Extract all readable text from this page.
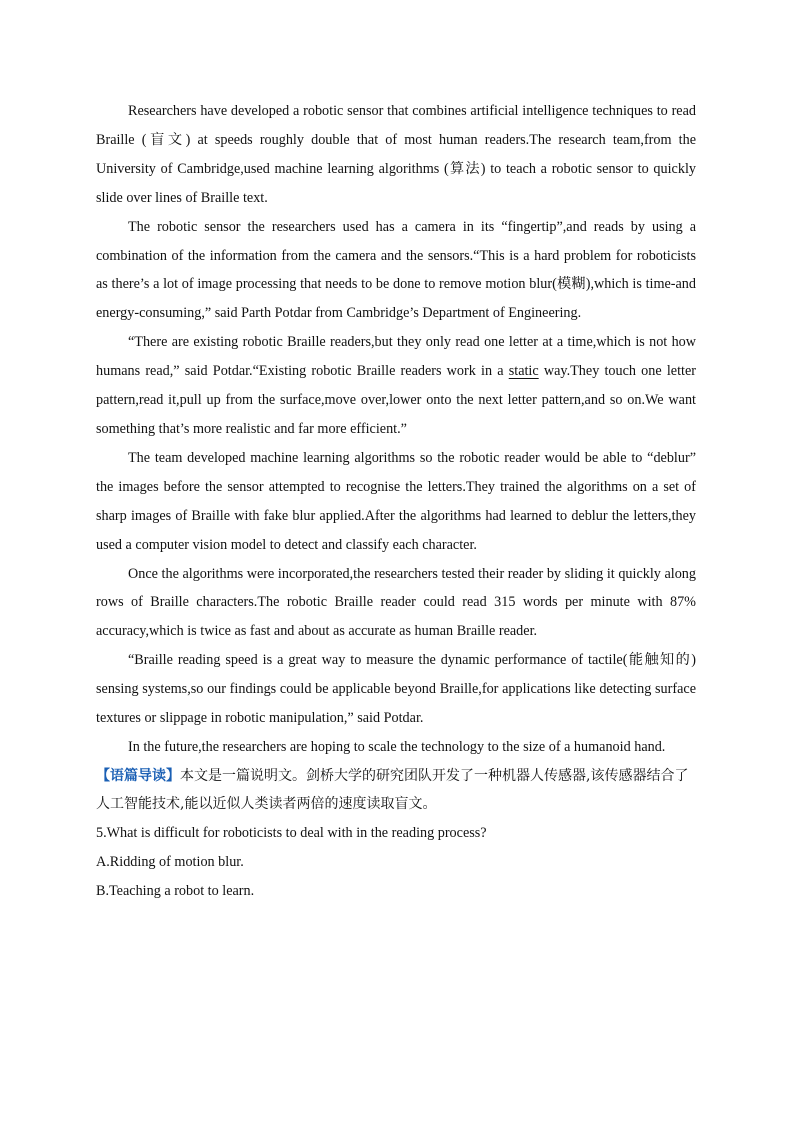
Researchers have developed a robotic sensor that combines artificial intelligence techniques to read Braille (盲文) at speeds roughly double that of most human readers.The research team,from the University of Cambridge,used machine learning algorithms (算法) to teach a robotic sensor to quickly slide over lines of Braille text.

The robotic sensor the researchers used has a camera in its “fingertip”,and reads by using a combination of the information from the camera and the sensors.“This is a hard problem for roboticists as there’s a lot of image processing that needs to be done to remove motion blur(模糊),which is time-and energy-consuming,” said Parth Potdar from Cambridge’s Department of Engineering.

“There are existing robotic Braille readers,but they only read one letter at a time,which is not how humans read,” said Potdar.“Existing robotic Braille readers work in a static way.They touch one letter pattern,read it,pull up from the surface,move over,lower onto the next letter pattern,and so on.We want something that’s more realistic and far more efficient.”

The team developed machine learning algorithms so the robotic reader would be able to “deblur” the images before the sensor attempted to recognise the letters.They trained the algorithms on a set of sharp images of Braille with fake blur applied.After the algorithms had learned to deblur the letters,they used a computer vision model to detect and classify each character.

Once the algorithms were incorporated,the researchers tested their reader by sliding it quickly along rows of Braille characters.The robotic Braille reader could read 315 words per minute with 87% accuracy,which is twice as fast and about as accurate as human Braille reader.

“Braille reading speed is a great way to measure the dynamic performance of tactile(能触知的) sensing systems,so our findings could be applicable beyond Braille,for applications like detecting surface textures or slippage in robotic manipulation,” said Potdar.

In the future,the researchers are hoping to scale the technology to the size of a humanoid hand.

【语篇导读】本文是一篇说明文。剑桥大学的研究团队开发了一种机器人传感器,该传感器结合了人工智能技术,能以近似人类读者两倍的速度读取盲文。

5.What is difficult for roboticists to deal with in the reading process?

A.Ridding of motion blur.

B.Teaching a robot to learn.
